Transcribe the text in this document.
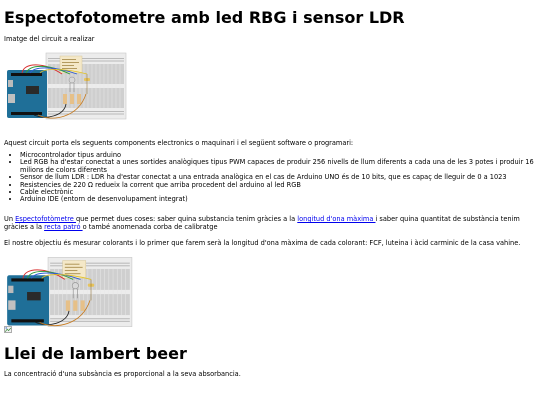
Espectofotometre amb led RBG i sensor LDR

Imatge del circuit a realizar

Aquest circuit porta els seguents components electronics o maquinari i el següent software o programari:

• Microcontrolador tipus arduino
• Led RGB ha d'estar conectat a unes sortides analògiques tipus PWM capaces de produir 256 nivells de llum diferents a cada una de les 3 potes i produir 16 milions de colors diferents
• Sensor de llum LDR : LDR ha d'estar conectat a una entrada analògica en el cas de Arduino UNO és de 10 bits, que es capaç de lleguir de 0 a 1023
• Resistencies de 220 Ω redueix la corrent que arriba procedent del arduino al led RGB
• Cable electrònic
• Arduino IDE (entorn de desenvolupament integrat)

Un Espectofotòmetre que permet dues coses: saber quina substancia tenim gràcies a la longitud d'ona màxima i saber quina quantitat de substància tenim gràcies a la recta patró o també anomenada corba de calibratge

El nostre objectiu és mesurar colorants i lo primer que farem serà la longitud d'ona màxima de cada colorant: FCF, luteina i àcid carminic de la casa vahine.

Llei de lambert beer

La concentració d'una subsància es proporcional a la seva absorbancia.
